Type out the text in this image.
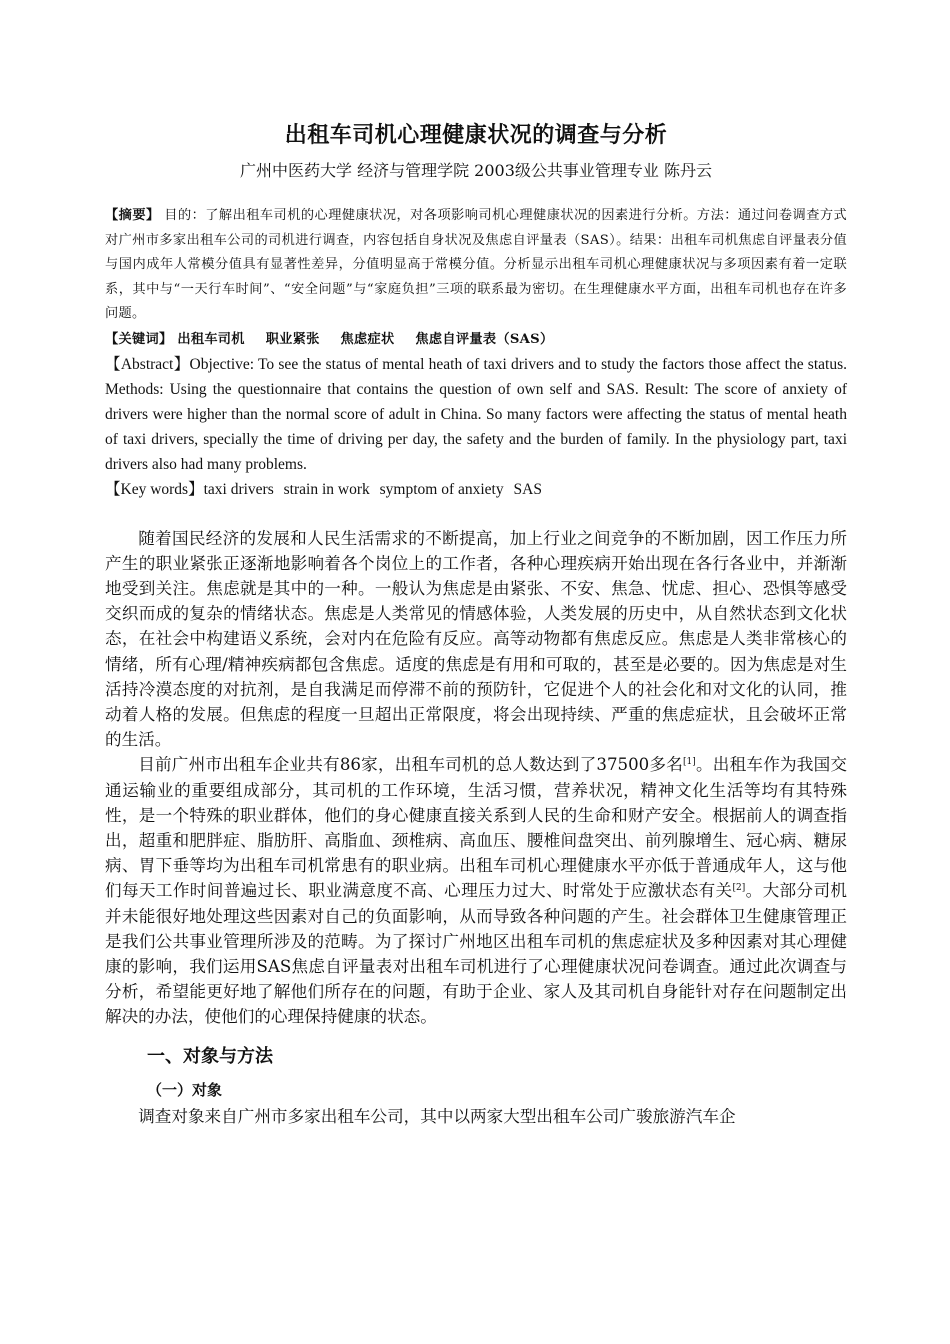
出租车司机心理健康状况的调查与分析
广州中医药大学 经济与管理学院 2003级公共事业管理专业 陈丹云
【摘要】 目的：了解出租车司机的心理健康状况，对各项影响司机心理健康状况的因素进行分析。方法：通过问卷调查方式对广州市多家出租车公司的司机进行调查，内容包括自身状况及焦虑自评量表（SAS）。结果：出租车司机焦虑自评量表分值与国内成年人常模分值具有显著性差异，分值明显高于常模分值。分析显示出租车司机心理健康状况与多项因素有着一定联系，其中与“一天行车时间”、“安全问题”与“家庭负担”三项的联系最为密切。在生理健康水平方面，出租车司机也存在许多问题。
【关键词】 出租车司机 职业紧张 焦虑症状 焦虑自评量表（SAS）
【Abstract】Objective: To see the status of mental heath of taxi drivers and to study the factors those affect the status. Methods: Using the questionnaire that contains the question of own self and SAS. Result: The score of anxiety of drivers were higher than the normal score of adult in China. So many factors were affecting the status of mental heath of taxi drivers, specially the time of driving per day, the safety and the burden of family. In the physiology part, taxi drivers also had many problems.
【Key words】taxi drivers strain in work symptom of anxiety SAS

随着国民经济的发展和人民生活需求的不断提高，加上行业之间竞争的不断加剧，因工作压力所产生的职业紧张正逐渐地影响着各个岗位上的工作者，各种心理疾病开始出现在各行各业中，并渐渐地受到关注。焦虑就是其中的一种。一般认为焦虑是由紧张、不安、焦急、忧虑、担心、恐惧等感受交织而成的复杂的情绪状态。焦虑是人类常见的情感体验，人类发展的历史中，从自然状态到文化状态，在社会中构建语义系统，会对内在危险有反应。高等动物都有焦虑反应。焦虑是人类非常核心的情绪，所有心理/精神疾病都包含焦虑。适度的焦虑是有用和可取的，甚至是必要的。因为焦虑是对生活持冷漠态度的对抗剂，是自我满足而停滞不前的预防针，它促进个人的社会化和对文化的认同，推动着人格的发展。但焦虑的程度一旦超出正常限度，将会出现持续、严重的焦虑症状，且会破坏正常的生活。

目前广州市出租车企业共有86家，出租车司机的总人数达到了37500多名[1]。出租车作为我国交通运输业的重要组成部分，其司机的工作环境，生活习惯，营养状况，精神文化生活等均有其特殊性，是一个特殊的职业群体，他们的身心健康直接关系到人民的生命和财产安全。根据前人的调查指出，超重和肥胖症、脂肪肝、高脂血、颈椎病、高血压、腰椎间盘突出、前列腺增生、冠心病、糖尿病、胃下垂等均为出租车司机常患有的职业病。出租车司机心理健康水平亦低于普通成年人，这与他们每天工作时间普遍过长、职业满意度不高、心理压力过大、时常处于应激状态有关[2]。大部分司机并未能很好地处理这些因素对自己的负面影响，从而导致各种问题的产生。社会群体卫生健康管理正是我们公共事业管理所涉及的范畴。为了探讨广州地区出租车司机的焦虑症状及多种因素对其心理健康的影响，我们运用SAS焦虑自评量表对出租车司机进行了心理健康状况问卷调查。通过此次调查与分析，希望能更好地了解他们所存在的问题，有助于企业、家人及其司机自身能针对存在问题制定出解决的办法，使他们的心理保持健康的状态。

一、对象与方法
（一）对象

调查对象来自广州市多家出租车公司，其中以两家大型出租车公司广骏旅游汽车企
